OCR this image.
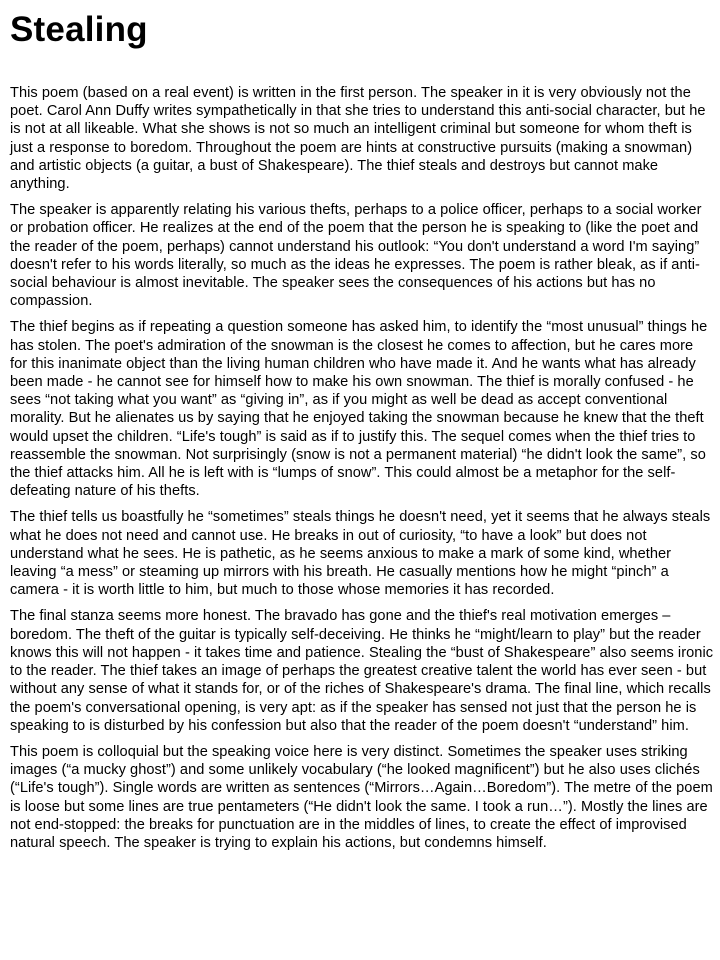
Stealing

This poem (based on a real event) is written in the first person. The speaker in it is very obviously not the poet. Carol Ann Duffy writes sympathetically in that she tries to understand this anti-social character, but he is not at all likeable. What she shows is not so much an intelligent criminal but someone for whom theft is just a response to boredom. Throughout the poem are hints at constructive pursuits (making a snowman) and artistic objects (a guitar, a bust of Shakespeare). The thief steals and destroys but cannot make anything.

The speaker is apparently relating his various thefts, perhaps to a police officer, perhaps to a social worker or probation officer. He realizes at the end of the poem that the person he is speaking to (like the poet and the reader of the poem, perhaps) cannot understand his outlook: “You don't understand a word I'm saying” doesn't refer to his words literally, so much as the ideas he expresses. The poem is rather bleak, as if anti-social behaviour is almost inevitable. The speaker sees the consequences of his actions but has no compassion.

The thief begins as if repeating a question someone has asked him, to identify the “most unusual” things he has stolen. The poet's admiration of the snowman is the closest he comes to affection, but he cares more for this inanimate object than the living human children who have made it. And he wants what has already been made - he cannot see for himself how to make his own snowman. The thief is morally confused - he sees “not taking what you want” as “giving in”, as if you might as well be dead as accept conventional morality. But he alienates us by saying that he enjoyed taking the snowman because he knew that the theft would upset the children. “Life's tough” is said as if to justify this. The sequel comes when the thief tries to reassemble the snowman. Not surprisingly (snow is not a permanent material) “he didn't look the same”, so the thief attacks him. All he is left with is “lumps of snow”. This could almost be a metaphor for the self-defeating nature of his thefts.

The thief tells us boastfully he “sometimes” steals things he doesn't need, yet it seems that he always steals what he does not need and cannot use. He breaks in out of curiosity, “to have a look” but does not understand what he sees. He is pathetic, as he seems anxious to make a mark of some kind, whether leaving “a mess” or steaming up mirrors with his breath. He casually mentions how he might “pinch” a camera - it is worth little to him, but much to those whose memories it has recorded.

The final stanza seems more honest. The bravado has gone and the thief's real motivation emerges – boredom. The theft of the guitar is typically self-deceiving. He thinks he “might/learn to play” but the reader knows this will not happen - it takes time and patience. Stealing the “bust of Shakespeare” also seems ironic to the reader. The thief takes an image of perhaps the greatest creative talent the world has ever seen - but without any sense of what it stands for, or of the riches of Shakespeare's drama. The final line, which recalls the poem's conversational opening, is very apt: as if the speaker has sensed not just that the person he is speaking to is disturbed by his confession but also that the reader of the poem doesn't “understand” him.

This poem is colloquial but the speaking voice here is very distinct. Sometimes the speaker uses striking images (“a mucky ghost”) and some unlikely vocabulary (“he looked magnificent”) but he also uses clichés (“Life's tough”). Single words are written as sentences (“Mirrors…Again…Boredom”). The metre of the poem is loose but some lines are true pentameters (“He didn't look the same. I took a run…”). Mostly the lines are not end-stopped: the breaks for punctuation are in the middles of lines, to create the effect of improvised natural speech. The speaker is trying to explain his actions, but condemns himself.
